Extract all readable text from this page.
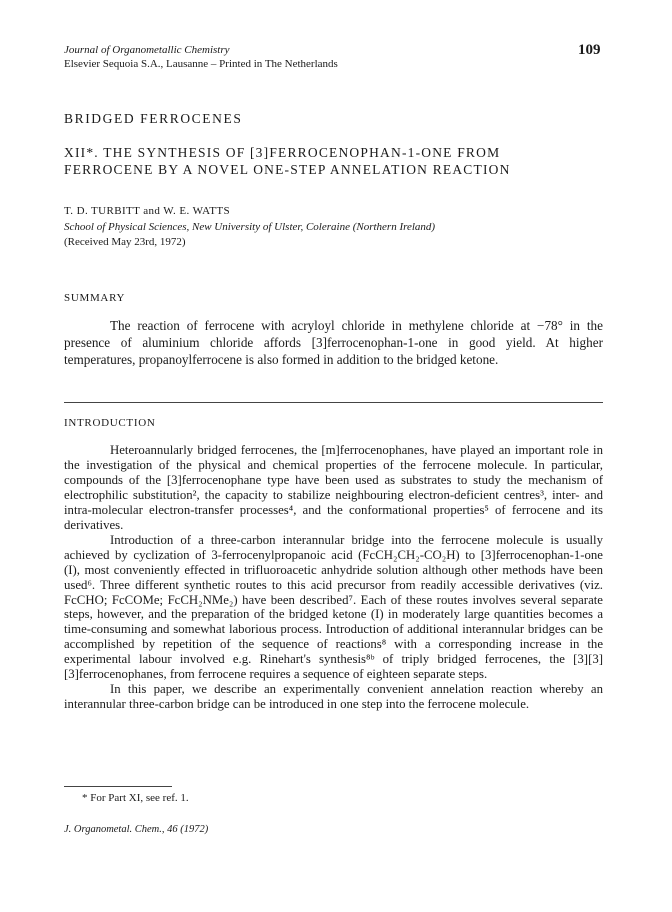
Journal of Organometallic Chemistry
Elsevier Sequoia S.A., Lausanne – Printed in The Netherlands
109
BRIDGED FERROCENES
XII*. THE SYNTHESIS OF [3]FERROCENOPHAN-1-ONE FROM
FERROCENE BY A NOVEL ONE-STEP ANNELATION REACTION
T. D. TURBITT and W. E. WATTS
School of Physical Sciences, New University of Ulster, Coleraine (Northern Ireland)
(Received May 23rd, 1972)
SUMMARY

The reaction of ferrocene with acryloyl chloride in methylene chloride at −78° in the presence of aluminium chloride affords [3]ferrocenophan-1-one in good yield. At higher temperatures, propanoylferrocene is also formed in addition to the bridged ketone.

INTRODUCTION

Heteroannularly bridged ferrocenes, the [m]ferrocenophanes, have played an important role in the investigation of the physical and chemical properties of the ferrocene molecule. In particular, compounds of the [3]ferrocenophane type have been used as substrates to study the mechanism of electrophilic substitution², the capacity to stabilize neighbouring electron-deficient centres³, inter- and intra-molecular electron-transfer processes⁴, and the conformational properties⁵ of ferrocene and its derivatives.

Introduction of a three-carbon interannular bridge into the ferrocene molecule is usually achieved by cyclization of 3-ferrocenylpropanoic acid (FcCH₂CH₂-CO₂H) to [3]ferrocenophan-1-one (I), most conveniently effected in trifluoroacetic anhydride solution although other methods have been used⁶. Three different synthetic routes to this acid precursor from readily accessible derivatives (viz. FcCHO; FcCOMe; FcCH₂NMe₂) have been described⁷. Each of these routes involves several separate steps, however, and the preparation of the bridged ketone (I) in moderately large quantities becomes a time-consuming and somewhat laborious process. Introduction of additional interannular bridges can be accomplished by repetition of the sequence of reactions⁸ with a corresponding increase in the experimental labour involved e.g. Rinehart's synthesis⁸ᵇ of triply bridged ferrocenes, the [3][3][3]ferrocenophanes, from ferrocene requires a sequence of eighteen separate steps.

In this paper, we describe an experimentally convenient annelation reaction whereby an interannular three-carbon bridge can be introduced in one step into the ferrocene molecule.

* For Part XI, see ref. 1.
J. Organometal. Chem., 46 (1972)
